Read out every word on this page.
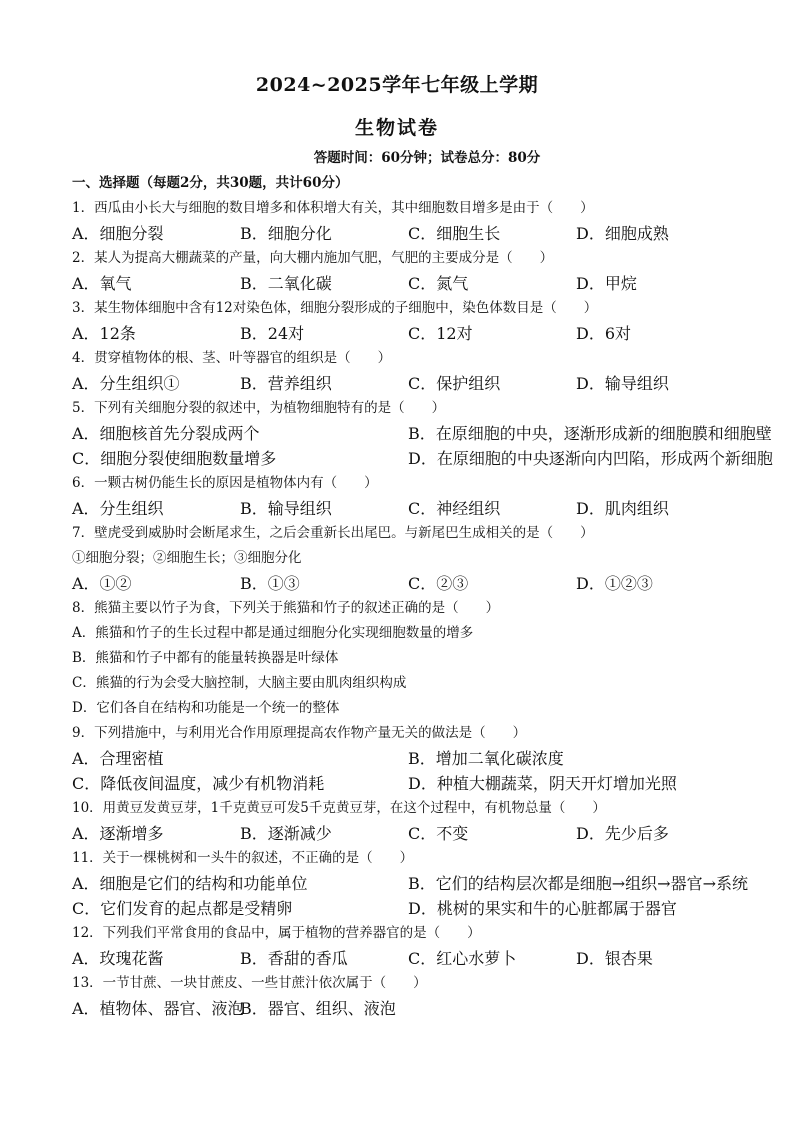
2024~2025学年七年级上学期
生物试卷
答题时间：60分钟；试卷总分：80分
一、选择题（每题2分，共30题，共计60分）
1．西瓜由小长大与细胞的数目增多和体积增大有关，其中细胞数目增多是由于（　　）
A．细胞分裂	B．细胞分化	C．细胞生长	D．细胞成熟
2．某人为提高大棚蔬菜的产量，向大棚内施加气肥，气肥的主要成分是（　　）
A．氧气	B．二氧化碳	C．氮气	D．甲烷
3．某生物体细胞中含有12对染色体，细胞分裂形成的子细胞中，染色体数目是（　　）
A．12条	B．24对	C．12对	D．6对
4．贯穿植物体的根、茎、叶等器官的组织是（　　）
A．分生组织①	B．营养组织	C．保护组织	D．输导组织
5．下列有关细胞分裂的叙述中，为植物细胞特有的是（　　）
A．细胞核首先分裂成两个	B．在原细胞的中央，逐渐形成新的细胞膜和细胞壁
C．细胞分裂使细胞数量增多	D．在原细胞的中央逐渐向内凹陷，形成两个新细胞
6．一颗古树仍能生长的原因是植物体内有（　　）
A．分生组织	B．输导组织	C．神经组织	D．肌肉组织
7．壁虎受到威胁时会断尾求生，之后会重新长出尾巴。与新尾巴生成相关的是（　　）
①细胞分裂；②细胞生长；③细胞分化
A．①②	B．①③	C．②③	D．①②③
8．熊猫主要以竹子为食，下列关于熊猫和竹子的叙述正确的是（　　）
A．熊猫和竹子的生长过程中都是通过细胞分化实现细胞数量的增多
B．熊猫和竹子中都有的能量转换器是叶绿体
C．熊猫的行为会受大脑控制，大脑主要由肌肉组织构成
D．它们各自在结构和功能是一个统一的整体
9．下列措施中，与利用光合作用原理提高农作物产量无关的做法是（　　）
A．合理密植	B．增加二氧化碳浓度
C．降低夜间温度，减少有机物消耗	D．种植大棚蔬菜，阴天开灯增加光照
10．用黄豆发黄豆芽，1千克黄豆可发5千克黄豆芽，在这个过程中，有机物总量（　　）
A．逐渐增多	B．逐渐减少	C．不变	D．先少后多
11．关于一棵桃树和一头牛的叙述，不正确的是（　　）
A．细胞是它们的结构和功能单位	B．它们的结构层次都是细胞→组织→器官→系统
C．它们发育的起点都是受精卵	D．桃树的果实和牛的心脏都属于器官
12．下列我们平常食用的食品中，属于植物的营养器官的是（　　）
A．玫瑰花酱	B．香甜的香瓜	C．红心水萝卜	D．银杏果
13．一节甘蔗、一块甘蔗皮、一些甘蔗汁依次属于（　　）
A．植物体、器官、液泡
B．器官、组织、液泡
